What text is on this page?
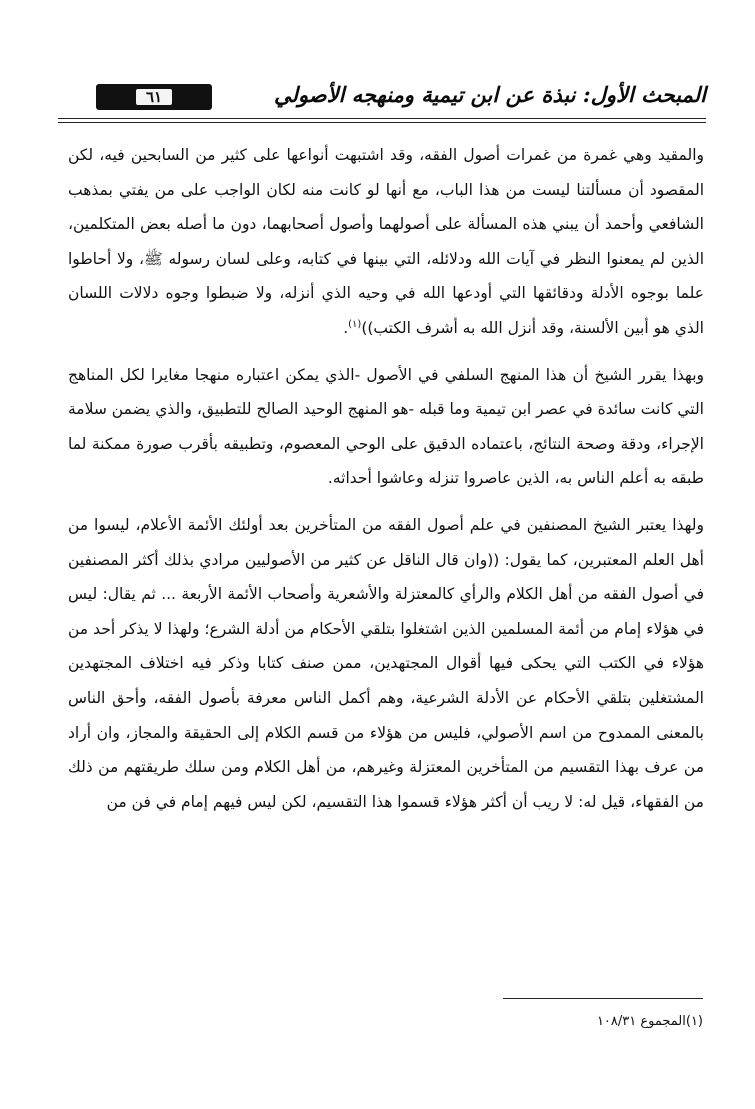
٦١	المبحث الأول: نبذة عن ابن تيمية ومنهجه الأصولي

والمقيد وهي غمرة من غمرات أصول الفقه، وقد اشتبهت أنواعها على كثير من السابحين فيه، لكن المقصود أن مسألتنا ليست من هذا الباب، مع أنها لو كانت منه لكان الواجب على من يفتي بمذهب الشافعي وأحمد أن يبني هذه المسألة على أصولهما وأصول أصحابهما، دون ما أصله بعض المتكلمين، الذين لم يمعنوا النظر في آيات الله ودلائله، التي بينها في كتابه، وعلى لسان رسوله ﷺ، ولا أحاطوا علما بوجوه الأدلة ودقائقها التي أودعها الله في وحيه الذي أنزله، ولا ضبطوا وجوه دلالات اللسان الذي هو أبين الألسنة، وقد أنزل الله به أشرف الكتب))$^{(١)}$.

وبهذا يقرر الشيخ أن هذا المنهج السلفي في الأصول -الذي يمكن اعتباره منهجا مغايرا لكل المناهج التي كانت سائدة في عصر ابن تيمية وما قبله -هو المنهج الوحيد الصالح للتطبيق، والذي يضمن سلامة الإجراء، ودقة وصحة النتائج، باعتماده الدقيق على الوحي المعصوم، وتطبيقه بأقرب صورة ممكنة لما طبقه به أعلم الناس به، الذين عاصروا تنزله وعاشوا أحداثه.

ولهذا يعتبر الشيخ المصنفين في علم أصول الفقه من المتأخرين بعد أولئك الأئمة الأعلام، ليسوا من أهل العلم المعتبرين، كما يقول: ((وان قال الناقل عن كثير من الأصوليين مرادي بذلك أكثر المصنفين في أصول الفقه من أهل الكلام والرأي كالمعتزلة والأشعرية وأصحاب الأئمة الأربعة ... ثم يقال: ليس في هؤلاء إمام من أئمة المسلمين الذين اشتغلوا بتلقي الأحكام من أدلة الشرع؛ ولهذا لا يذكر أحد من هؤلاء في الكتب التي يحكى فيها أقوال المجتهدين، ممن صنف كتابا وذكر فيه اختلاف المجتهدين المشتغلين بتلقي الأحكام عن الأدلة الشرعية، وهم أكمل الناس معرفة بأصول الفقه، وأحق الناس بالمعنى الممدوح من اسم الأصولي، فليس من هؤلاء من قسم الكلام إلى الحقيقة والمجاز، وان أراد من عرف بهذا التقسيم من المتأخرين المعتزلة وغيرهم، من أهل الكلام ومن سلك طريقتهم من ذلك من الفقهاء، قيل له: لا ريب أن أكثر هؤلاء قسموا هذا التقسيم، لكن ليس فيهم إمام في فن من

(١)المجموع ١٠٨/٣١
